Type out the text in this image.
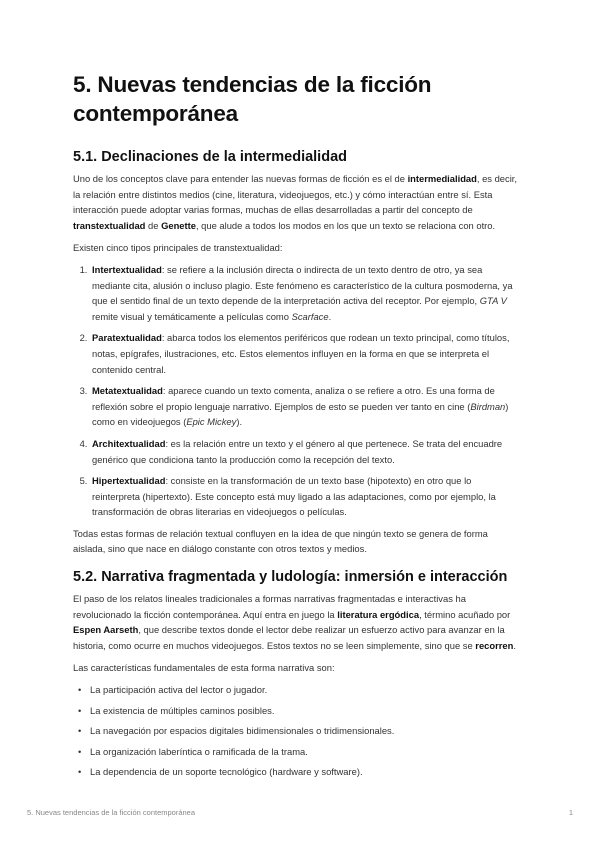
5. Nuevas tendencias de la ficción contemporánea
5.1. Declinaciones de la intermedialidad

Uno de los conceptos clave para entender las nuevas formas de ficción es el de intermedialidad, es decir, la relación entre distintos medios (cine, literatura, videojuegos, etc.) y cómo interactúan entre sí. Esta interacción puede adoptar varias formas, muchas de ellas desarrolladas a partir del concepto de transtextualidad de Genette, que alude a todos los modos en los que un texto se relaciona con otro.

Existen cinco tipos principales de transtextualidad:

1. Intertextualidad: se refiere a la inclusión directa o indirecta de un texto dentro de otro, ya sea mediante cita, alusión o incluso plagio. Este fenómeno es característico de la cultura posmoderna, ya que el sentido final de un texto depende de la interpretación activa del receptor. Por ejemplo, GTA V remite visual y temáticamente a películas como Scarface.
2. Paratextualidad: abarca todos los elementos periféricos que rodean un texto principal, como títulos, notas, epígrafes, ilustraciones, etc. Estos elementos influyen en la forma en que se interpreta el contenido central.
3. Metatextualidad: aparece cuando un texto comenta, analiza o se refiere a otro. Es una forma de reflexión sobre el propio lenguaje narrativo. Ejemplos de esto se pueden ver tanto en cine (Birdman) como en videojuegos (Epic Mickey).
4. Architextualidad: es la relación entre un texto y el género al que pertenece. Se trata del encuadre genérico que condiciona tanto la producción como la recepción del texto.
5. Hipertextualidad: consiste en la transformación de un texto base (hipotexto) en otro que lo reinterpreta (hipertexto). Este concepto está muy ligado a las adaptaciones, como por ejemplo, la transformación de obras literarias en videojuegos o películas.

Todas estas formas de relación textual confluyen en la idea de que ningún texto se genera de forma aislada, sino que nace en diálogo constante con otros textos y medios.

5.2. Narrativa fragmentada y ludología: inmersión e interacción

El paso de los relatos lineales tradicionales a formas narrativas fragmentadas e interactivas ha revolucionado la ficción contemporánea. Aquí entra en juego la literatura ergódica, término acuñado por Espen Aarseth, que describe textos donde el lector debe realizar un esfuerzo activo para avanzar en la historia, como ocurre en muchos videojuegos. Estos textos no se leen simplemente, sino que se recorren.

Las características fundamentales de esta forma narrativa son:

• La participación activa del lector o jugador.
• La existencia de múltiples caminos posibles.
• La navegación por espacios digitales bidimensionales o tridimensionales.
• La organización laberíntica o ramificada de la trama.
• La dependencia de un soporte tecnológico (hardware y software).
5. Nuevas tendencias de la ficción contemporánea	1
